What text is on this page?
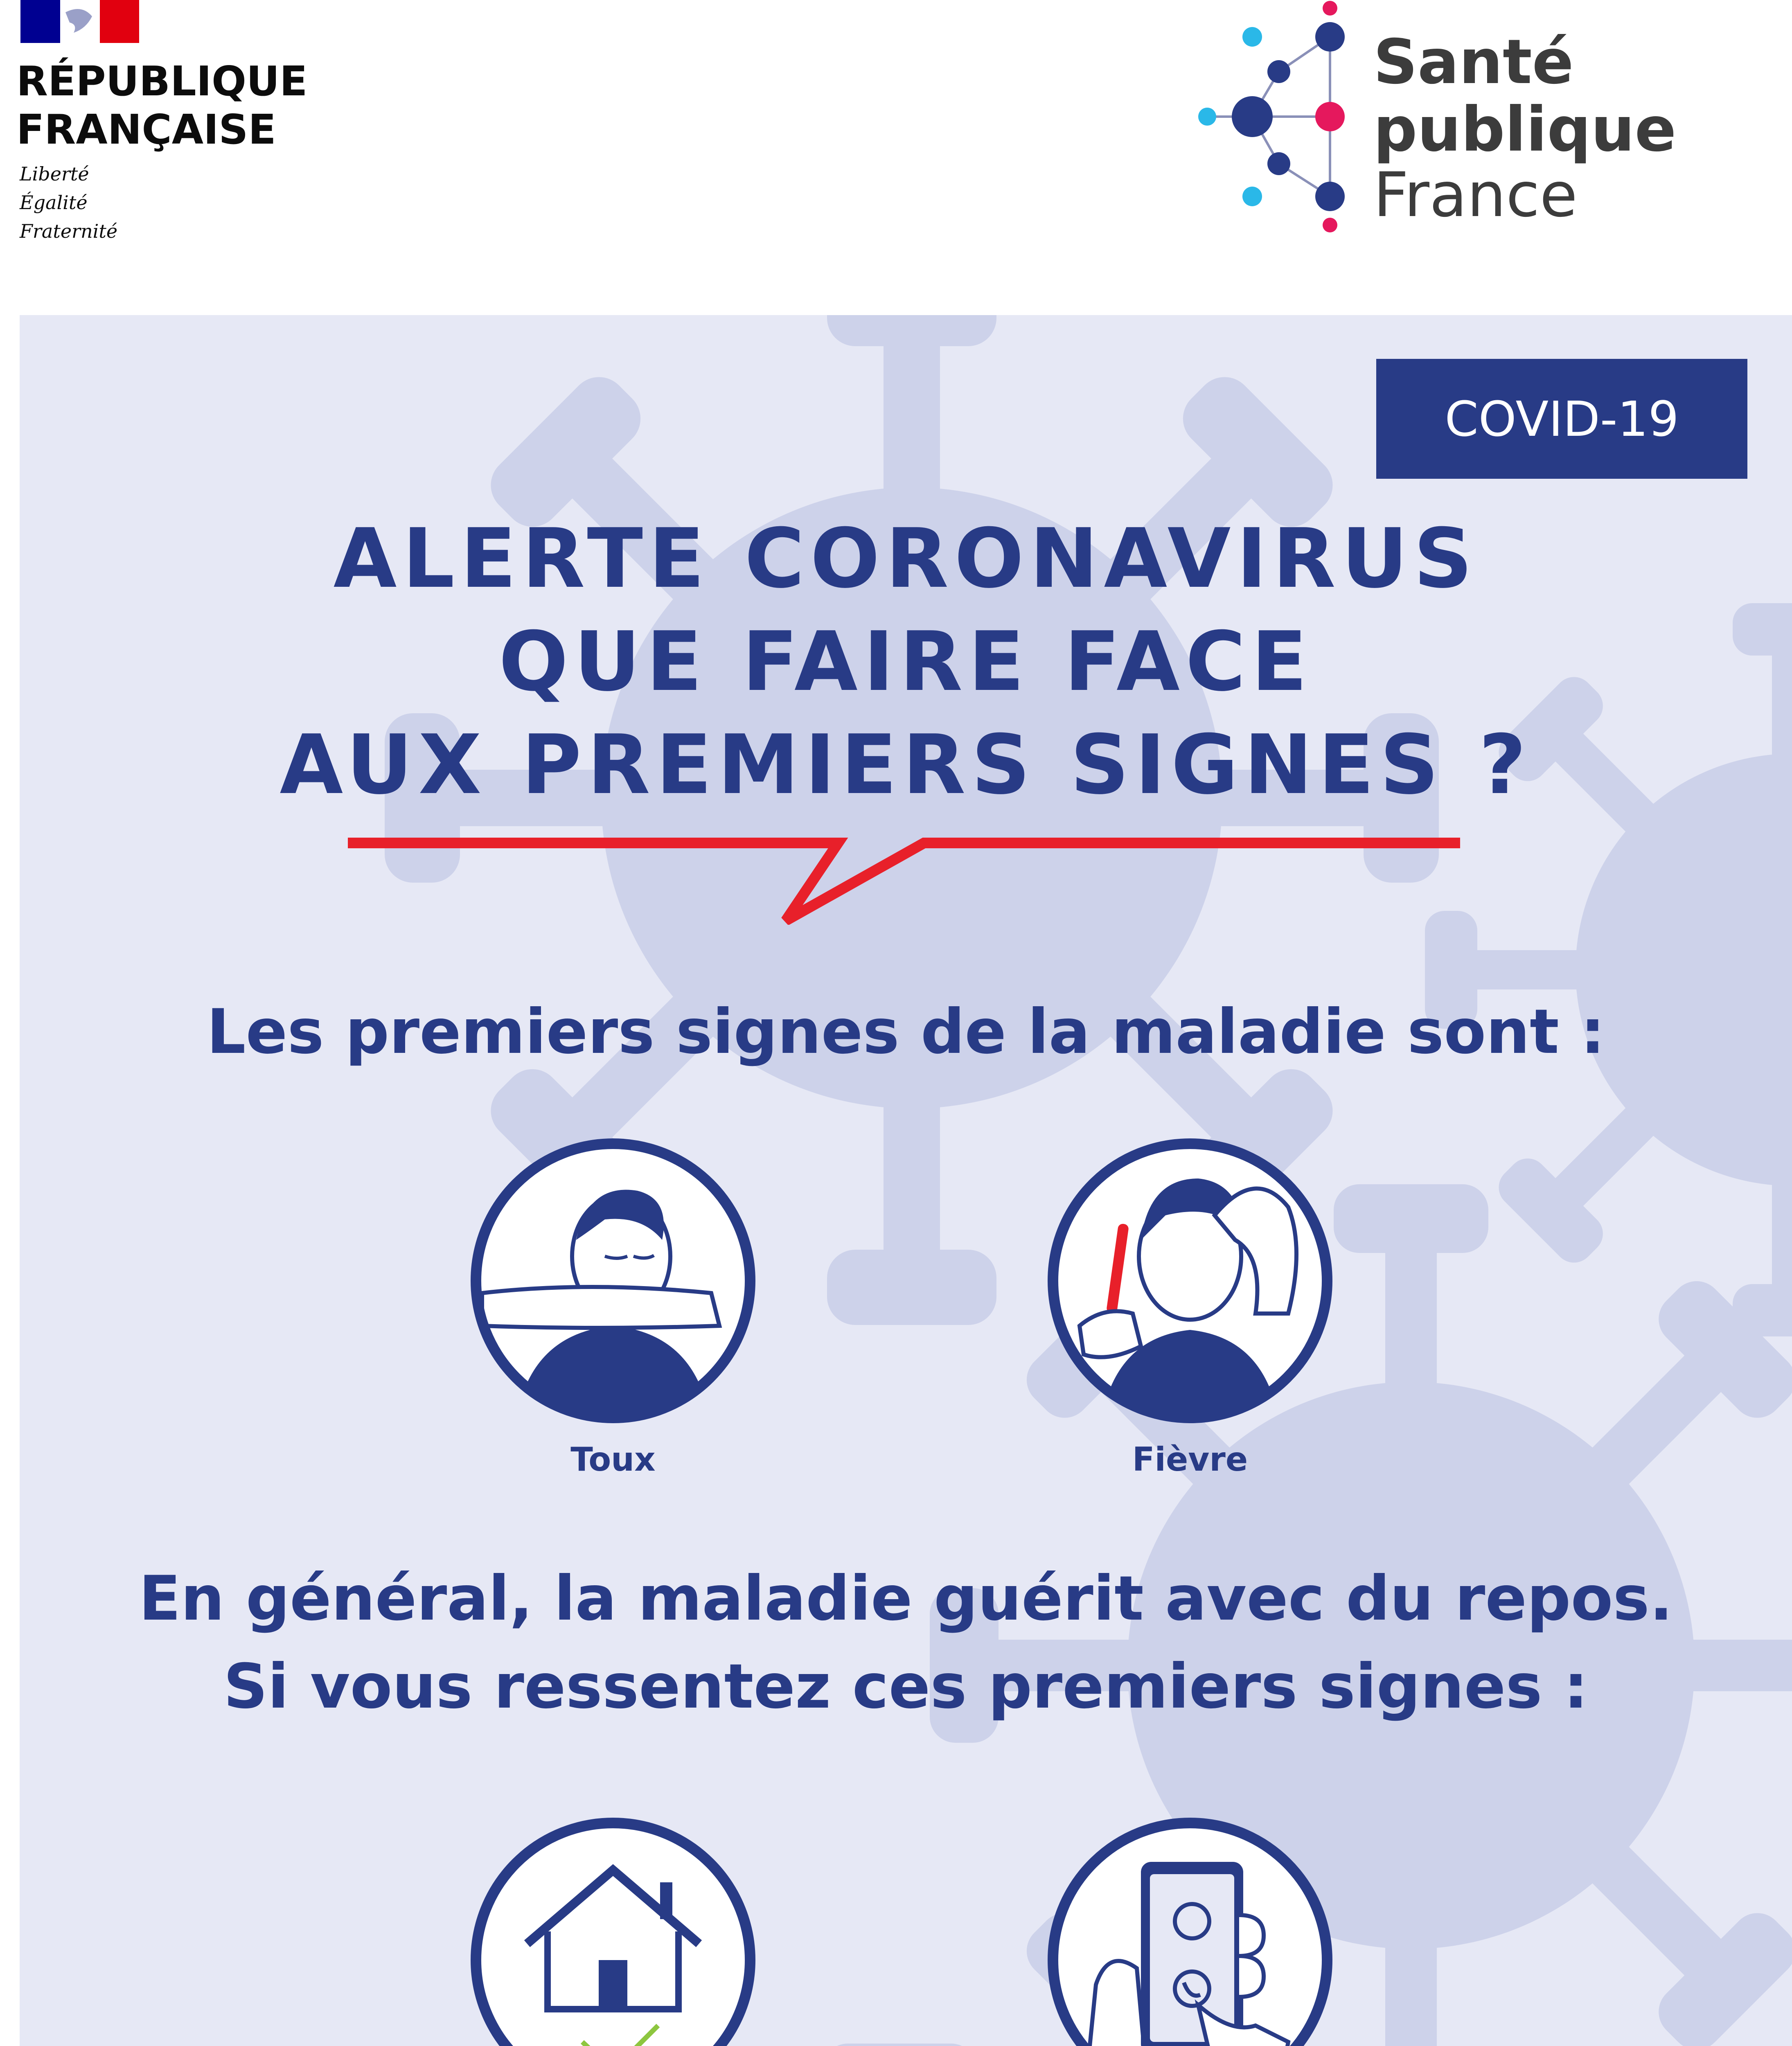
RÉPUBLIQUE
FRANÇAISE
Liberté
Égalité
Fraternité
Santé
publique
France
COVID-19
ALERTE CORONAVIRUS
QUE FAIRE FACE
AUX PREMIERS SIGNES ?
Les premiers signes de la maladie sont :
Toux	Fièvre
En général, la maladie guérit avec du repos.
Si vous ressentez ces premiers signes :
